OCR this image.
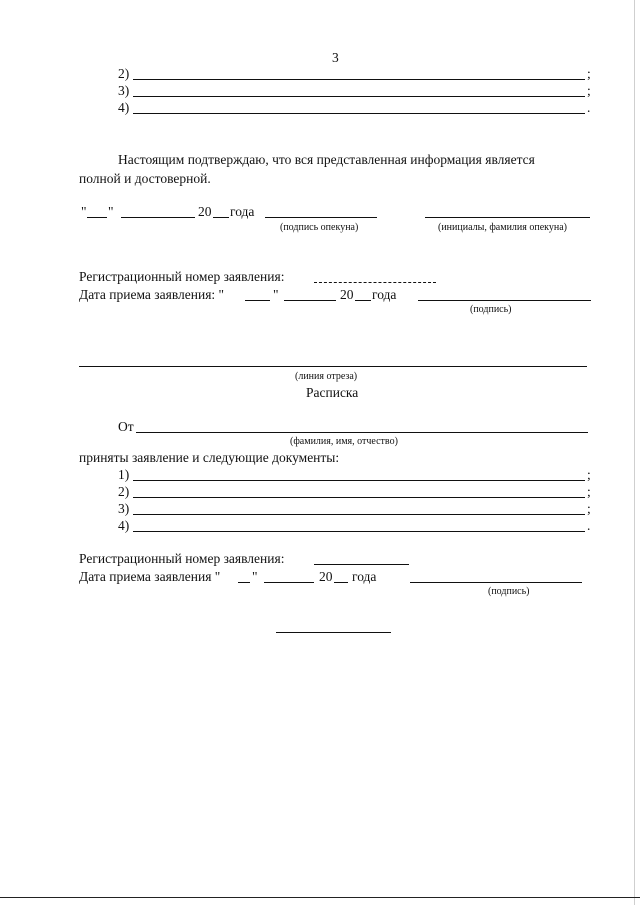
3
2)	;
3)	;
4)	.
Настоящим подтверждаю, что вся представленная информация является
полной и достоверной.
" "	20 года
(подпись опекуна)	(инициалы, фамилия опекуна)
Регистрационный номер заявления:
Дата приема заявления: "	"	20 года
(подпись)
(линия отреза)
Расписка
От
(фамилия, имя, отчество)
приняты заявление и следующие документы:
1)	;
2)	;
3)	;
4)	.
Регистрационный номер заявления:
Дата приема заявления " "	20 года
(подпись)
